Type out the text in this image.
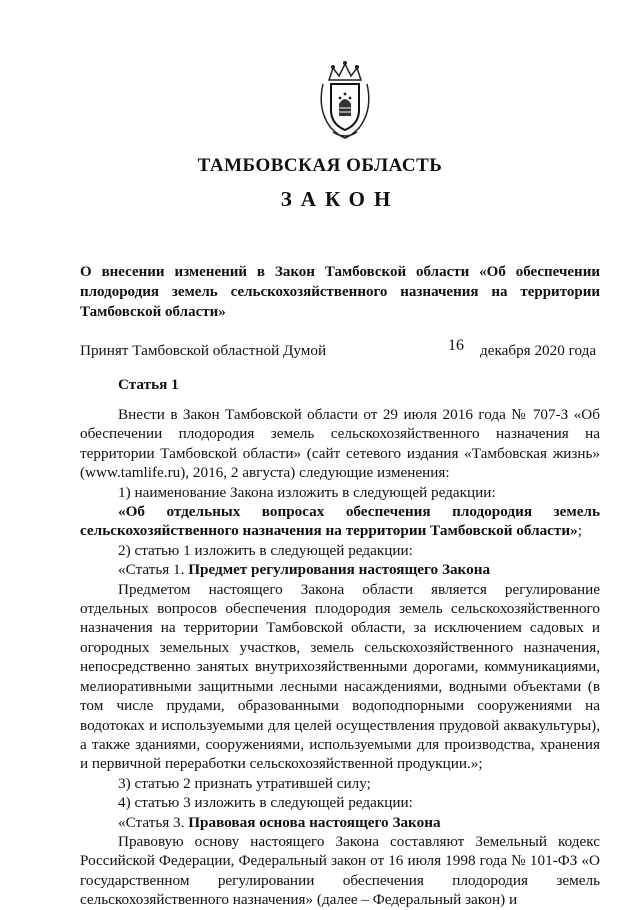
ТАМБОВСКАЯ ОБЛАСТЬ
ЗАКОН
О внесении изменений в Закон Тамбовской области «Об обеспечении плодородия земель сельскохозяйственного назначения на территории Тамбовской области»
Принят Тамбовской областной Думой	16 декабря 2020 года
Статья 1

Внести в Закон Тамбовской области от 29 июля 2016 года № 707-З «Об обеспечении плодородия земель сельскохозяйственного назначения на территории Тамбовской области» (сайт сетевого издания «Тамбовская жизнь» (www.tamlife.ru), 2016, 2 августа) следующие изменения:

1) наименование Закона изложить в следующей редакции:

«Об отдельных вопросах обеспечения плодородия земель сельскохозяйственного назначения на территории Тамбовской области»;

2) статью 1 изложить в следующей редакции:

«Статья 1. Предмет регулирования настоящего Закона

Предметом настоящего Закона области является регулирование отдельных вопросов обеспечения плодородия земель сельскохозяйственного назначения на территории Тамбовской области, за исключением садовых и огородных земельных участков, земель сельскохозяйственного назначения, непосредственно занятых внутрихозяйственными дорогами, коммуникациями, мелиоративными защитными лесными насаждениями, водными объектами (в том числе прудами, образованными водоподпорными сооружениями на водотоках и используемыми для целей осуществления прудовой аквакультуры), а также зданиями, сооружениями, используемыми для производства, хранения и первичной переработки сельскохозяйственной продукции.»;

3) статью 2 признать утратившей силу;

4) статью 3 изложить в следующей редакции:

«Статья 3. Правовая основа настоящего Закона

Правовую основу настоящего Закона составляют Земельный кодекс Российской Федерации, Федеральный закон от 16 июля 1998 года № 101-ФЗ «О государственном регулировании обеспечения плодородия земель сельскохозяйственного назначения» (далее – Федеральный закон) и
